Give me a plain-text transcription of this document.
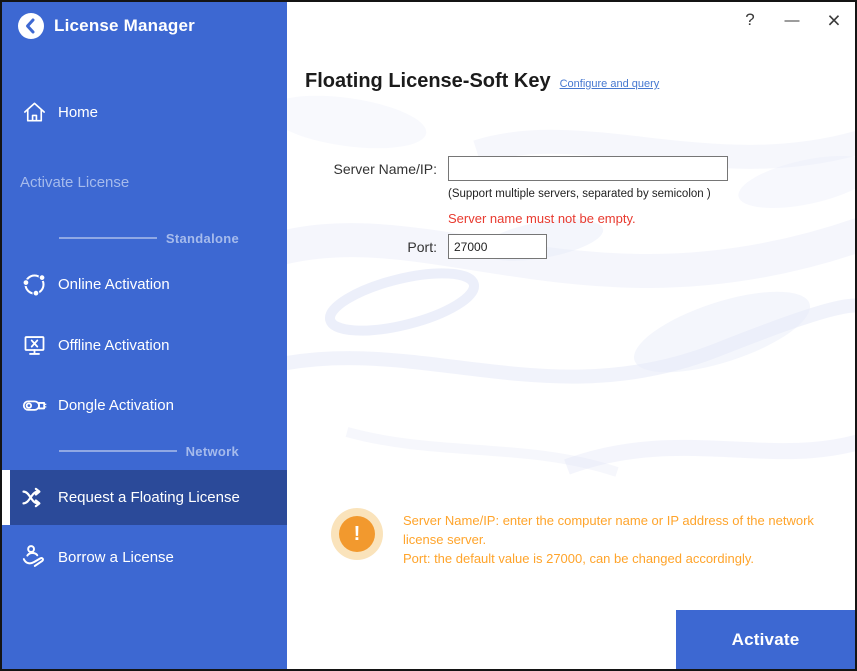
License Manager
Home
Activate License
Standalone
Online Activation
Offline Activation
Dongle Activation
Network
Request a Floating License
Borrow a License
?	— ×
Floating License-Soft Key Configure and query
Server Name/IP:
(Support multiple servers, separated by semicolon )
Server name must not be empty.
Port:
27000
!
Server Name/IP: enter the computer name or IP address of the network license server.
Port: the default value is 27000, can be changed accordingly.
Activate
